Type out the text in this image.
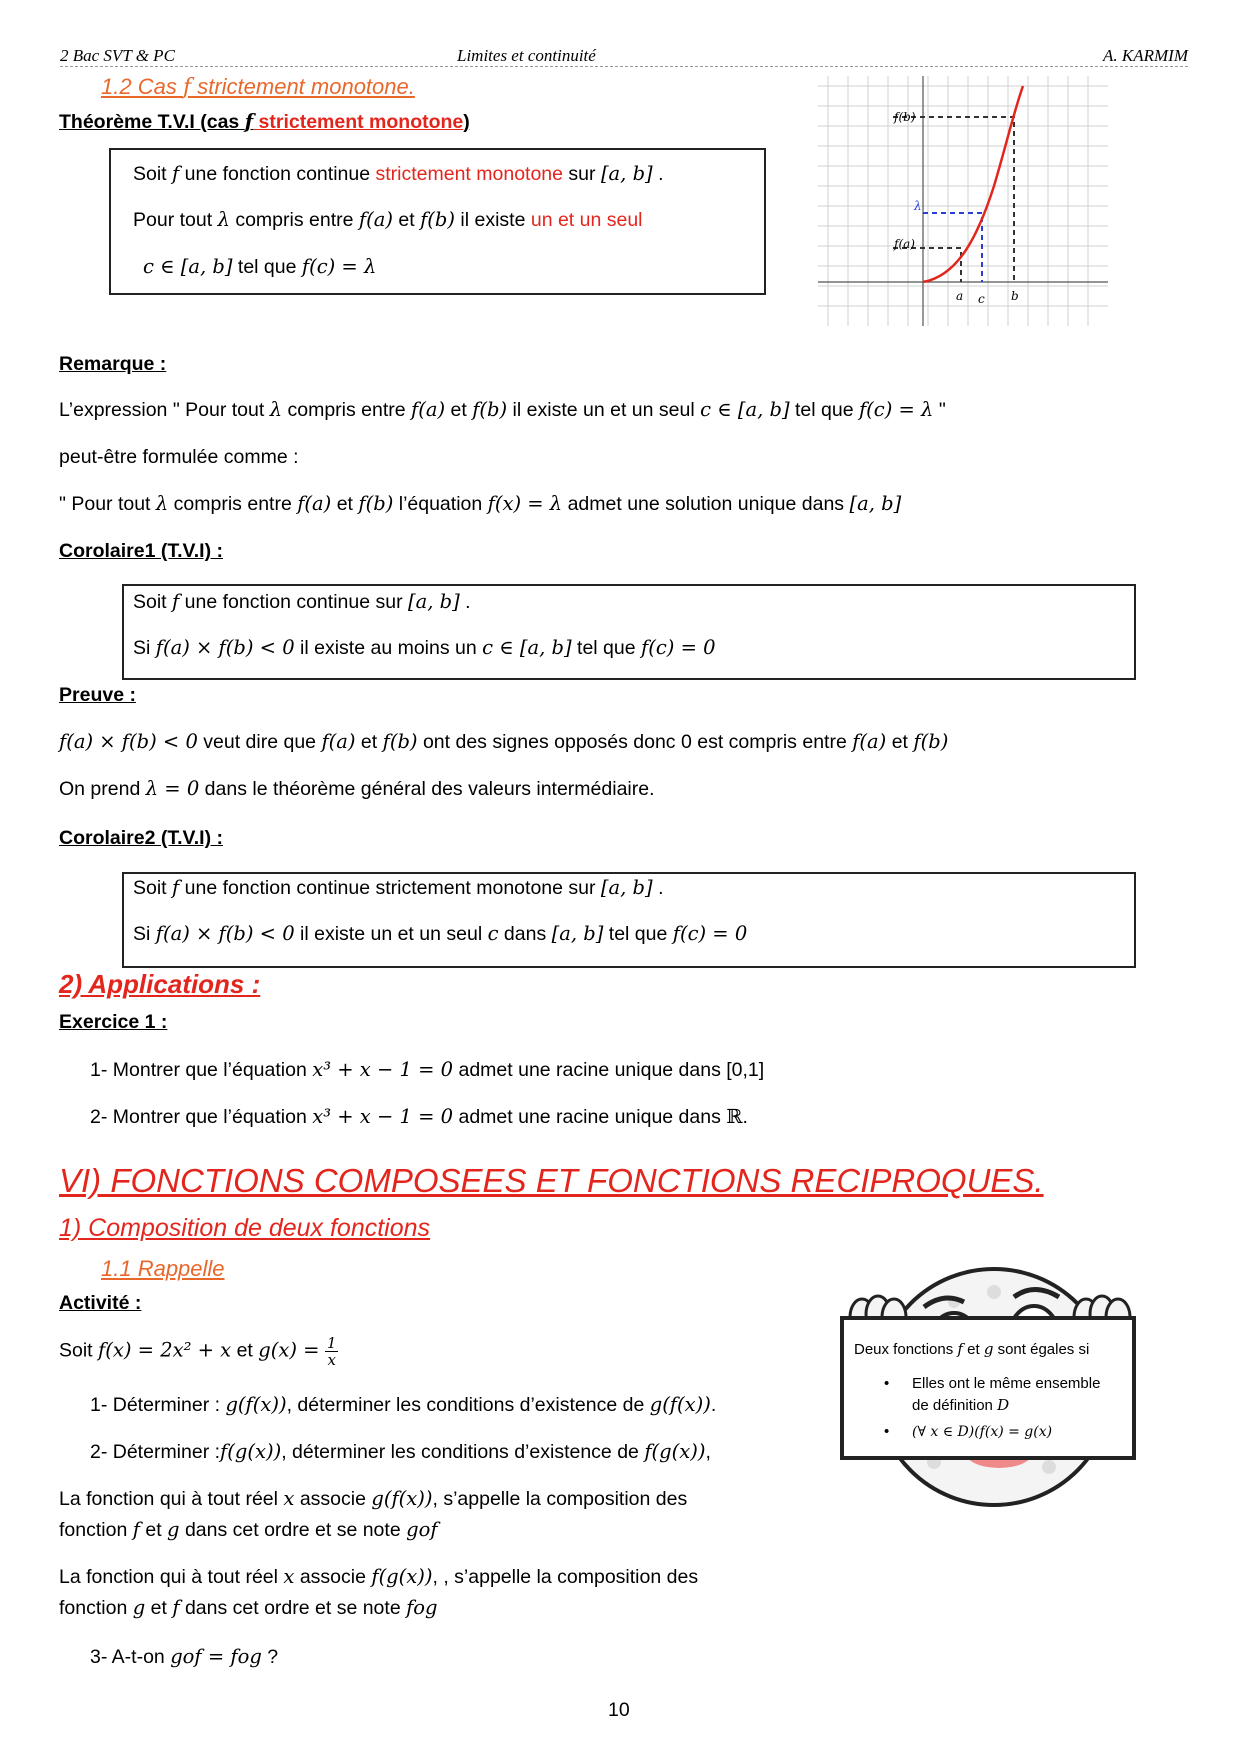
2 Bac SVT & PC	Limites et continuité	A. KARMIM
1.2 Cas f strictement monotone.
Théorème T.V.I (cas f strictement monotone)
Soit f une fonction continue strictement monotone sur [a, b] .
Pour tout λ compris entre f(a) et f(b) il existe un et un seul
c ∈ [a, b] tel que f(c) = λ
f(b)
λ
f(a)
a c b
Remarque :
L’expression " Pour tout λ compris entre f(a) et f(b) il existe un et un seul c ∈ [a, b] tel que f(c) = λ "
peut-être formulée comme :
" Pour tout λ compris entre f(a) et f(b) l’équation f(x) = λ admet une solution unique dans [a, b]
Corolaire1 (T.V.I) :
Soit f une fonction continue sur [a, b] .
Si f(a) × f(b) < 0 il existe au moins un c ∈ [a, b] tel que f(c) = 0
Preuve :
f(a) × f(b) < 0 veut dire que f(a) et f(b) ont des signes opposés donc 0 est compris entre f(a) et f(b)
On prend λ = 0 dans le théorème général des valeurs intermédiaire.
Corolaire2 (T.V.I) :
Soit f une fonction continue strictement monotone sur [a, b] .
Si f(a) × f(b) < 0 il existe un et un seul c dans [a, b] tel que f(c) = 0
2) Applications :
Exercice 1 :
1- Montrer que l’équation x³ + x − 1 = 0 admet une racine unique dans [0,1]
2- Montrer que l’équation x³ + x − 1 = 0 admet une racine unique dans ℝ.
VI) FONCTIONS COMPOSEES ET FONCTIONS RECIPROQUES.
1) Composition de deux fonctions
1.1 Rappelle
Activité :
Soit f(x) = 2x² + x et $g(x) = \frac{1}{x}$
1- Déterminer : g(f(x)), déterminer les conditions d’existence de g(f(x)).
2- Déterminer :f(g(x)), déterminer les conditions d’existence de f(g(x)),
La fonction qui à tout réel x associe g(f(x)), s’appelle la composition des
fonction f et g dans cet ordre et se note gof
La fonction qui à tout réel x associe f(g(x)), , s’appelle la composition des
fonction g et f dans cet ordre et se note fog
3- A-t-on gof = fog ?
Deux fonctions f et g sont égales si
• Elles ont le même ensemble
de définition D
• (∀ x ∈ D)(f(x) = g(x)
10
